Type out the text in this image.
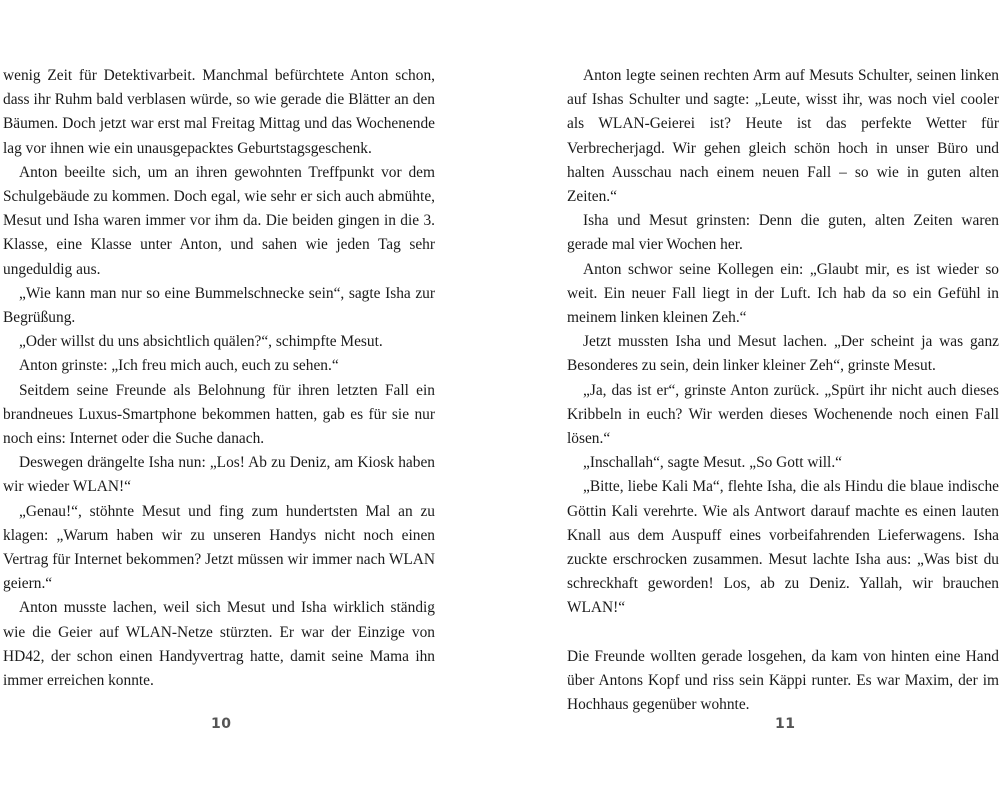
wenig Zeit für Detektivarbeit. Manchmal befürchtete Anton schon, dass ihr Ruhm bald verblasen würde, so wie gerade die Blätter an den Bäumen. Doch jetzt war erst mal Freitag Mittag und das Wochenende lag vor ihnen wie ein unausgepacktes Geburtstagsgeschenk.

Anton beeilte sich, um an ihren gewohnten Treffpunkt vor dem Schulgebäude zu kommen. Doch egal, wie sehr er sich auch abmühte, Mesut und Isha waren immer vor ihm da. Die beiden gingen in die 3. Klasse, eine Klasse unter Anton, und sahen wie jeden Tag sehr ungeduldig aus.

„Wie kann man nur so eine Bummelschnecke sein“, sagte Isha zur Begrüßung.

„Oder willst du uns absichtlich quälen?“, schimpfte Mesut.

Anton grinste: „Ich freu mich auch, euch zu sehen.“

Seitdem seine Freunde als Belohnung für ihren letzten Fall ein brandneues Luxus-Smartphone bekommen hatten, gab es für sie nur noch eins: Internet oder die Suche danach.

Deswegen drängelte Isha nun: „Los! Ab zu Deniz, am Kiosk haben wir wieder WLAN!“

„Genau!“, stöhnte Mesut und fing zum hundertsten Mal an zu klagen: „Warum haben wir zu unseren Handys nicht noch einen Vertrag für Internet bekommen? Jetzt müssen wir immer nach WLAN geiern.“

Anton musste lachen, weil sich Mesut und Isha wirklich ständig wie die Geier auf WLAN-Netze stürzten. Er war der Einzige von HD42, der schon einen Handyvertrag hatte, damit seine Mama ihn immer erreichen konnte.

Anton legte seinen rechten Arm auf Mesuts Schulter, seinen linken auf Ishas Schulter und sagte: „Leute, wisst ihr, was noch viel cooler als WLAN-Geierei ist? Heute ist das perfekte Wetter für Verbrecherjagd. Wir gehen gleich schön hoch in unser Büro und halten Ausschau nach einem neuen Fall – so wie in guten alten Zeiten.“

Isha und Mesut grinsten: Denn die guten, alten Zeiten waren gerade mal vier Wochen her.

Anton schwor seine Kollegen ein: „Glaubt mir, es ist wieder so weit. Ein neuer Fall liegt in der Luft. Ich hab da so ein Gefühl in meinem linken kleinen Zeh.“

Jetzt mussten Isha und Mesut lachen. „Der scheint ja was ganz Besonderes zu sein, dein linker kleiner Zeh“, grinste Mesut.

„Ja, das ist er“, grinste Anton zurück. „Spürt ihr nicht auch dieses Kribbeln in euch? Wir werden dieses Wochenende noch einen Fall lösen.“

„Inschallah“, sagte Mesut. „So Gott will.“

„Bitte, liebe Kali Ma“, flehte Isha, die als Hindu die blaue indische Göttin Kali verehrte. Wie als Antwort darauf machte es einen lauten Knall aus dem Auspuff eines vorbeifahrenden Lieferwagens. Isha zuckte erschrocken zusammen. Mesut lachte Isha aus: „Was bist du schreckhaft geworden! Los, ab zu Deniz. Yallah, wir brauchen WLAN!“

Die Freunde wollten gerade losgehen, da kam von hinten eine Hand über Antons Kopf und riss sein Käppi runter. Es war Maxim, der im Hochhaus gegenüber wohnte.

10	11
